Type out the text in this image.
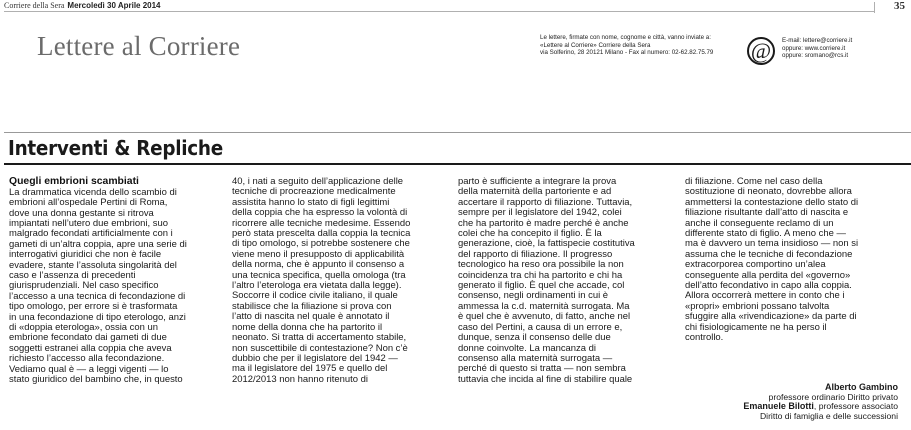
Corriere della Sera Mercoledì 30 Aprile 2014	35
Lettere al Corriere	Le lettere, firmate con nome, cognome e città, vanno inviate a:
«Lettere al Corriere» Corriere della Sera
via Solferino, 28 20121 Milano - Fax al numero: 02-62.82.75.79	@	E-mail: lettere@corriere.it
oppure: www.corriere.it
oppure: sromano@rcs.it
Interventi & Repliche
Quegli embrioni scambiati
La drammatica vicenda dello scambio di
embrioni all’ospedale Pertini di Roma,
dove una donna gestante si ritrova
impiantati nell’utero due embrioni, suo
malgrado fecondati artificialmente con i
gameti di un’altra coppia, apre una serie di
interrogativi giuridici che non è facile
evadere, stante l’assoluta singolarità del
caso e l’assenza di precedenti
giurisprudenziali. Nel caso specifico
l’accesso a una tecnica di fecondazione di
tipo omologo, per errore si è trasformata
in una fecondazione di tipo eterologo, anzi
di «doppia eterologa», ossia con un
embrione fecondato dai gameti di due
soggetti estranei alla coppia che aveva
richiesto l’accesso alla fecondazione.
Vediamo qual è — a leggi vigenti — lo
stato giuridico del bambino che, in questo
40, i nati a seguito dell’applicazione delle
tecniche di procreazione medicalmente
assistita hanno lo stato di figli legittimi
della coppia che ha espresso la volontà di
ricorrere alle tecniche medesime. Essendo
però stata prescelta dalla coppia la tecnica
di tipo omologo, si potrebbe sostenere che
viene meno il presupposto di applicabilità
della norma, che è appunto il consenso a
una tecnica specifica, quella omologa (tra
l’altro l’eterologa era vietata dalla legge).
Soccorre il codice civile italiano, il quale
stabilisce che la filiazione si prova con
l’atto di nascita nel quale è annotato il
nome della donna che ha partorito il
neonato. Si tratta di accertamento stabile,
non suscettibile di contestazione? Non c’è
dubbio che per il legislatore del 1942 —
ma il legislatore del 1975 e quello del
2012/2013 non hanno ritenuto di
parto è sufficiente a integrare la prova
della maternità della partoriente e ad
accertare il rapporto di filiazione. Tuttavia,
sempre per il legislatore del 1942, colei
che ha partorito è madre perché è anche
colei che ha concepito il figlio. È la
generazione, cioè, la fattispecie costitutiva
del rapporto di filiazione. Il progresso
tecnologico ha reso ora possibile la non
coincidenza tra chi ha partorito e chi ha
generato il figlio. È quel che accade, col
consenso, negli ordinamenti in cui è
ammessa la c.d. maternità surrogata. Ma
è quel che è avvenuto, di fatto, anche nel
caso del Pertini, a causa di un errore e,
dunque, senza il consenso delle due
donne coinvolte. La mancanza di
consenso alla maternità surrogata —
perché di questo si tratta — non sembra
tuttavia che incida al fine di stabilire quale
di filiazione. Come nel caso della
sostituzione di neonato, dovrebbe allora
ammettersi la contestazione dello stato di
filiazione risultante dall’atto di nascita e
anche il conseguente reclamo di un
differente stato di figlio. A meno che —
ma è davvero un tema insidioso — non si
assuma che le tecniche di fecondazione
extracorporea comportino un’alea
conseguente alla perdita del «governo»
dell’atto fecondativo in capo alla coppia.
Allora occorrerà mettere in conto che i
«propri» embrioni possano talvolta
sfuggire alla «rivendicazione» da parte di
chi fisiologicamente ne ha perso il
controllo.
Alberto Gambino
professore ordinario Diritto privato
Emanuele Bilotti, professore associato
Diritto di famiglia e delle successioni
